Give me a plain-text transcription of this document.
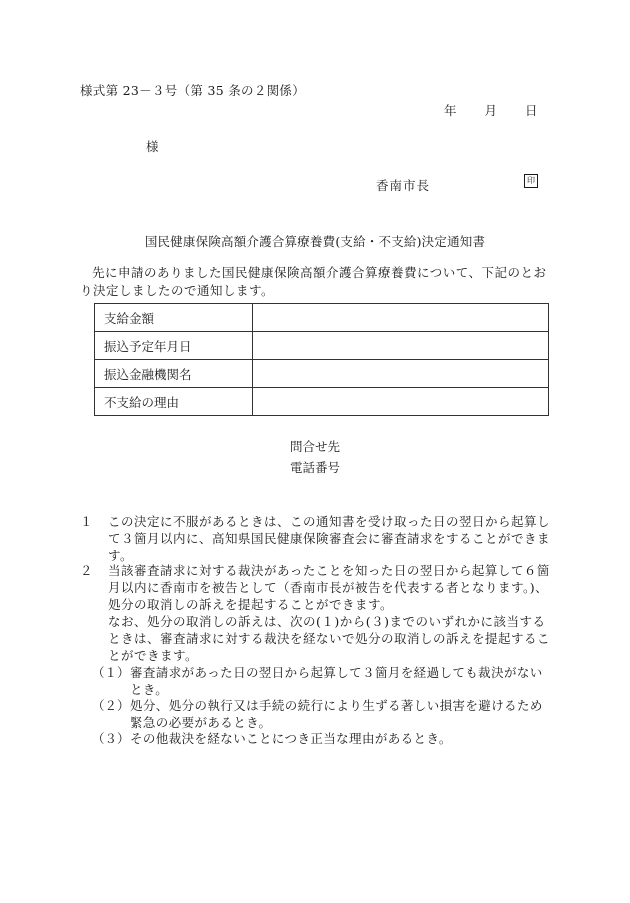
様式第 23－３号（第 35 条の２関係）
年 月 日
様
香南市長	印
国民健康保険高額介護合算療養費(支給・不支給)決定通知書
先に申請のありました国民健康保険高額介護合算療養費について、下記のとおり決定しましたので通知します。
支給金額	
振込予定年月日	
振込金融機関名	
不支給の理由	
問合せ先
電話番号
１ この決定に不服があるときは、この通知書を受け取った日の翌日から起算して３箇月以内に、高知県国民健康保険審査会に審査請求をすることができます。
２ 当該審査請求に対する裁決があったことを知った日の翌日から起算して６箇月以内に香南市を被告として（香南市長が被告を代表する者となります。)、処分の取消しの訴えを提起することができます。
なお、処分の取消しの訴えは、次の(１)から(３)までのいずれかに該当するときは、審査請求に対する裁決を経ないで処分の取消しの訴えを提起することができます。
（１） 審査請求があった日の翌日から起算して３箇月を経過しても裁決がないとき。
（２） 処分、処分の執行又は手続の続行により生ずる著しい損害を避けるため緊急の必要があるとき。
（３） その他裁決を経ないことにつき正当な理由があるとき。
